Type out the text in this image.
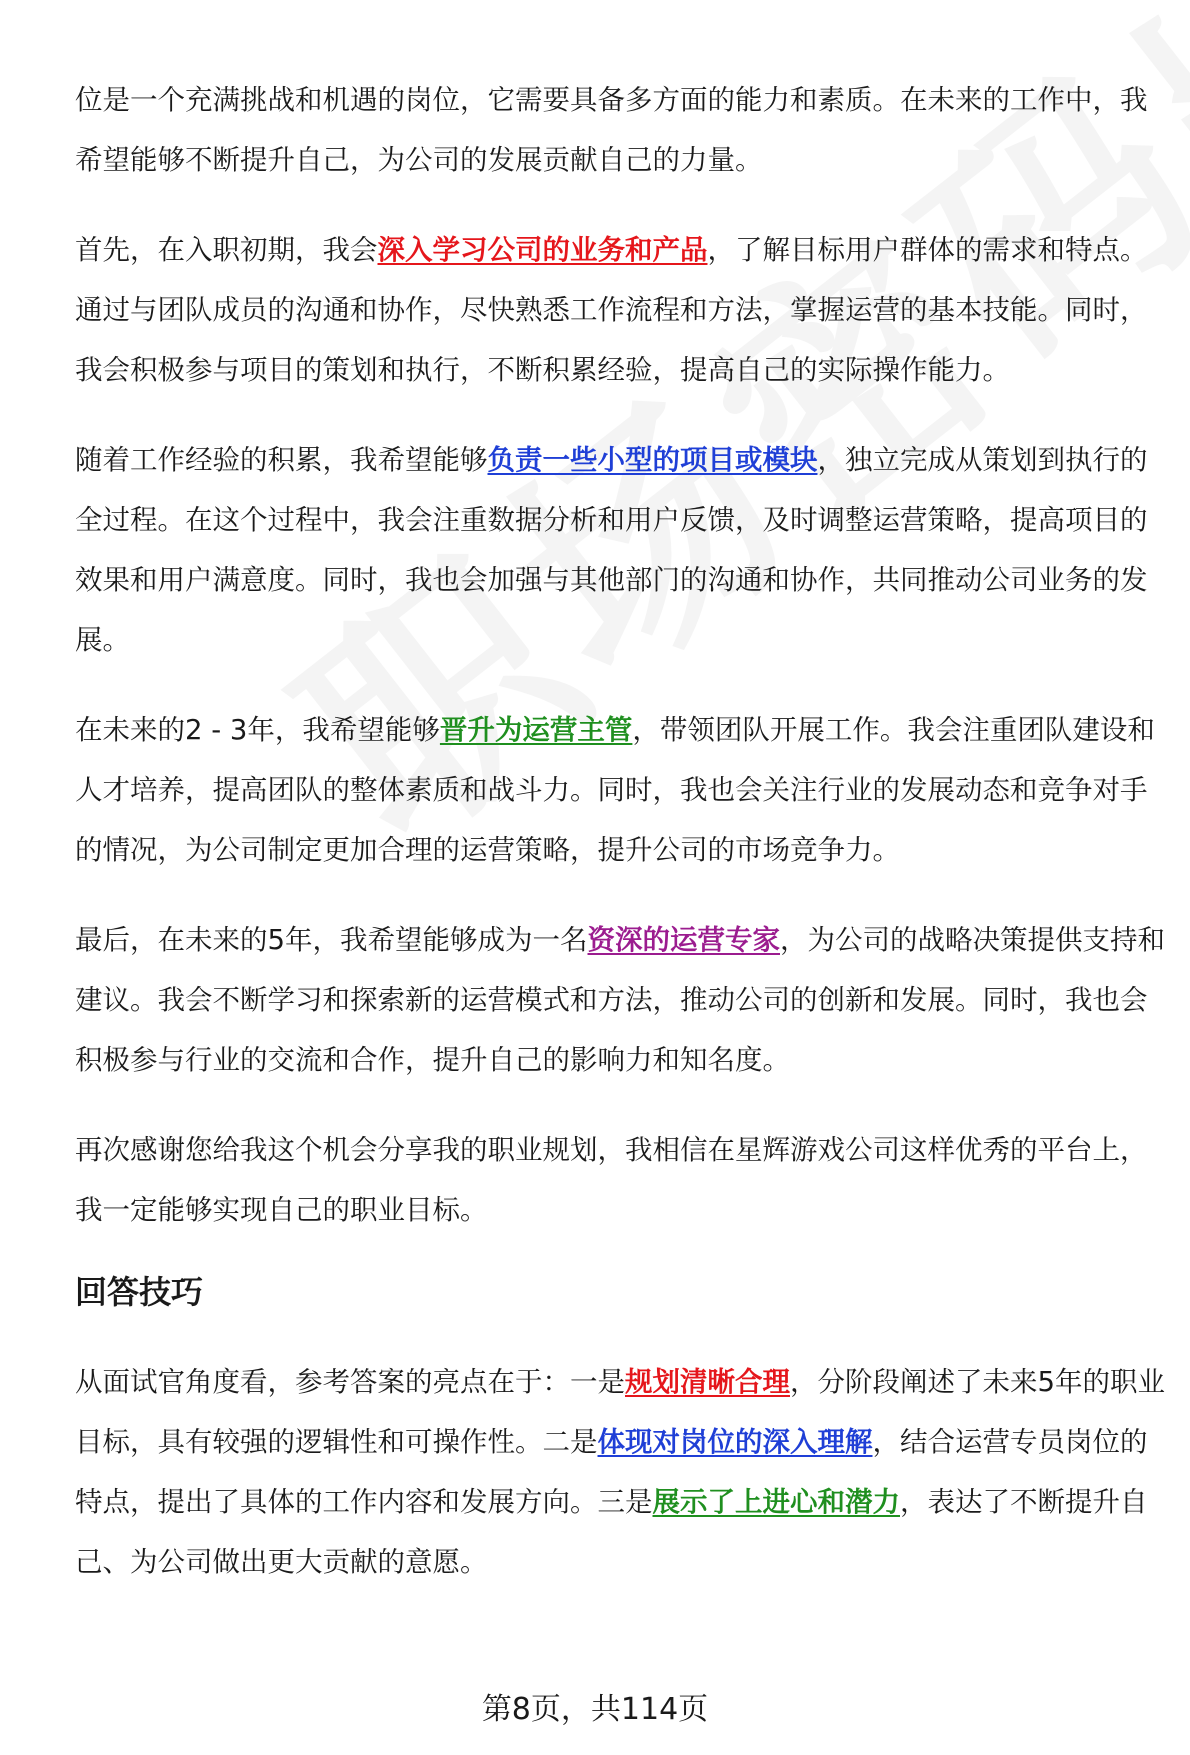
位是一个充满挑战和机遇的岗位，它需要具备多方面的能力和素质。在未来的工作中，我希望能够不断提升自己，为公司的发展贡献自己的力量。

首先，在入职初期，我会深入学习公司的业务和产品，了解目标用户群体的需求和特点。通过与团队成员的沟通和协作，尽快熟悉工作流程和方法，掌握运营的基本技能。同时，我会积极参与项目的策划和执行，不断积累经验，提高自己的实际操作能力。

随着工作经验的积累，我希望能够负责一些小型的项目或模块，独立完成从策划到执行的全过程。在这个过程中，我会注重数据分析和用户反馈，及时调整运营策略，提高项目的效果和用户满意度。同时，我也会加强与其他部门的沟通和协作，共同推动公司业务的发展。

在未来的2 - 3年，我希望能够晋升为运营主管，带领团队开展工作。我会注重团队建设和人才培养，提高团队的整体素质和战斗力。同时，我也会关注行业的发展动态和竞争对手的情况，为公司制定更加合理的运营策略，提升公司的市场竞争力。

最后，在未来的5年，我希望能够成为一名资深的运营专家，为公司的战略决策提供支持和建议。我会不断学习和探索新的运营模式和方法，推动公司的创新和发展。同时，我也会积极参与行业的交流和合作，提升自己的影响力和知名度。

再次感谢您给我这个机会分享我的职业规划，我相信在星辉游戏公司这样优秀的平台上，我一定能够实现自己的职业目标。

回答技巧

从面试官角度看，参考答案的亮点在于：一是规划清晰合理，分阶段阐述了未来5年的职业目标，具有较强的逻辑性和可操作性。二是体现对岗位的深入理解，结合运营专员岗位的特点，提出了具体的工作内容和发展方向。三是展示了上进心和潜力，表达了不断提升自己、为公司做出更大贡献的意愿。

第8页，共114页
